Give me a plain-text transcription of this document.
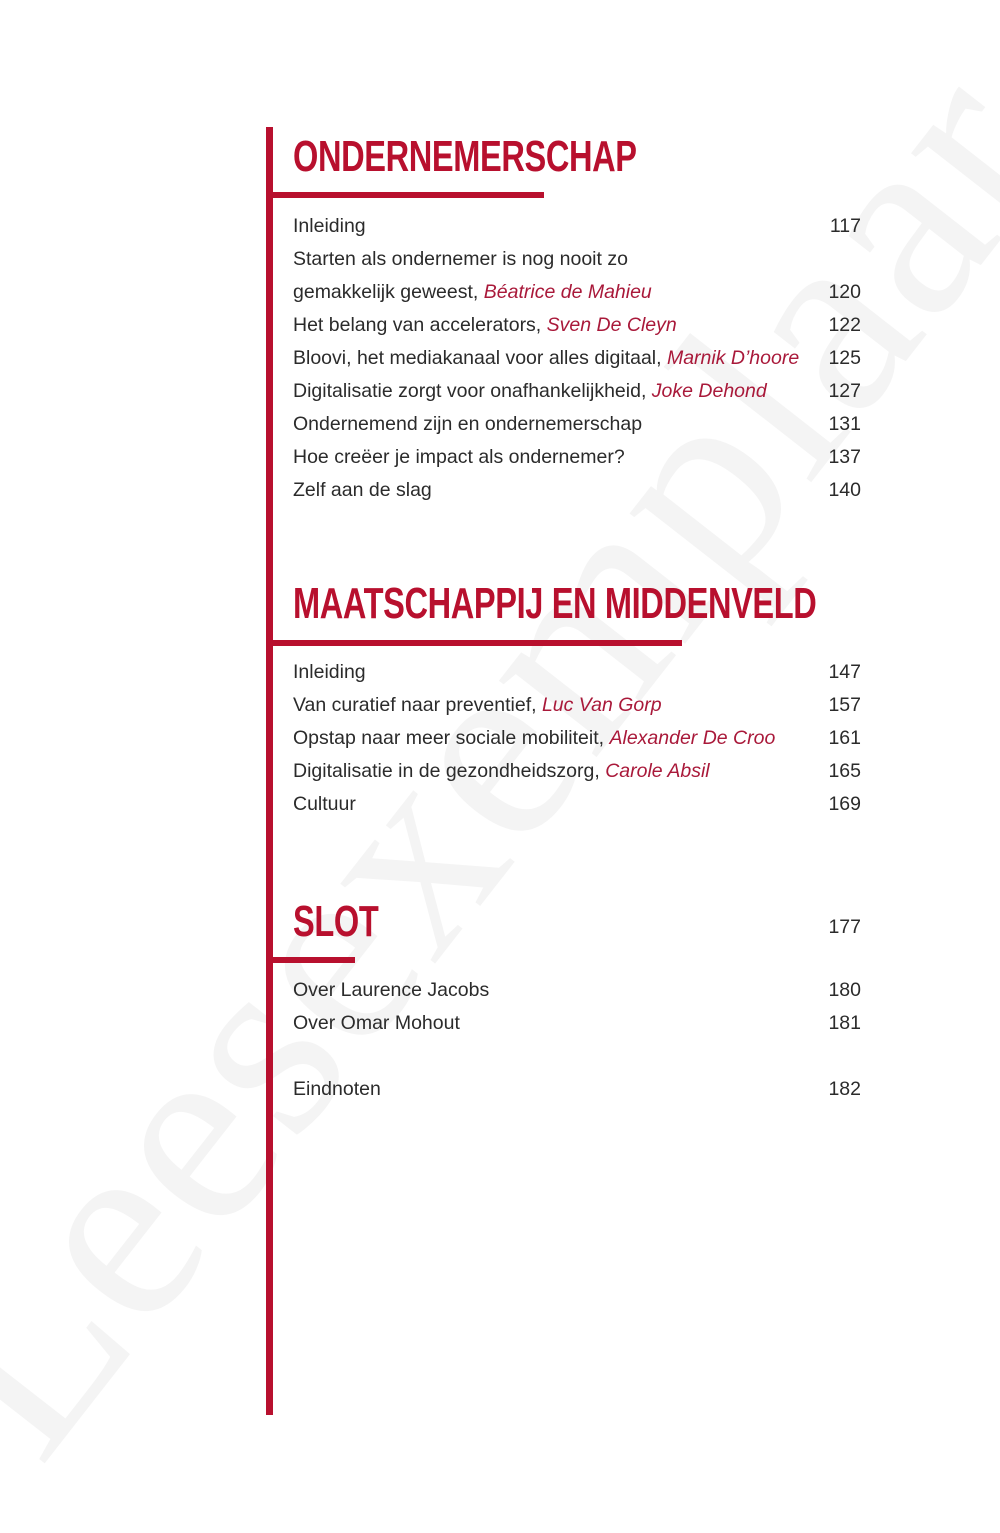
ONDERNEMERSCHAP
Inleiding	117
Starten als ondernemer is nog nooit zo
gemakkelijk geweest, Béatrice de Mahieu	120
Het belang van accelerators, Sven De Cleyn	122
Bloovi, het mediakanaal voor alles digitaal, Marnik D’hoore 125
Digitalisatie zorgt voor onafhankelijkheid, Joke Dehond	127
Ondernemend zijn en ondernemerschap	131
Hoe creëer je impact als ondernemer?	137
Zelf aan de slag	140
MAATSCHAPPIJ EN MIDDENVELD
Inleiding	147
Van curatief naar preventief, Luc Van Gorp	157
Opstap naar meer sociale mobiliteit, Alexander De Croo	161
Digitalisatie in de gezondheidszorg, Carole Absil	165
Cultuur	169
SLOT	177
Over Laurence Jacobs	180
Over Omar Mohout	181
Eindnoten	182
